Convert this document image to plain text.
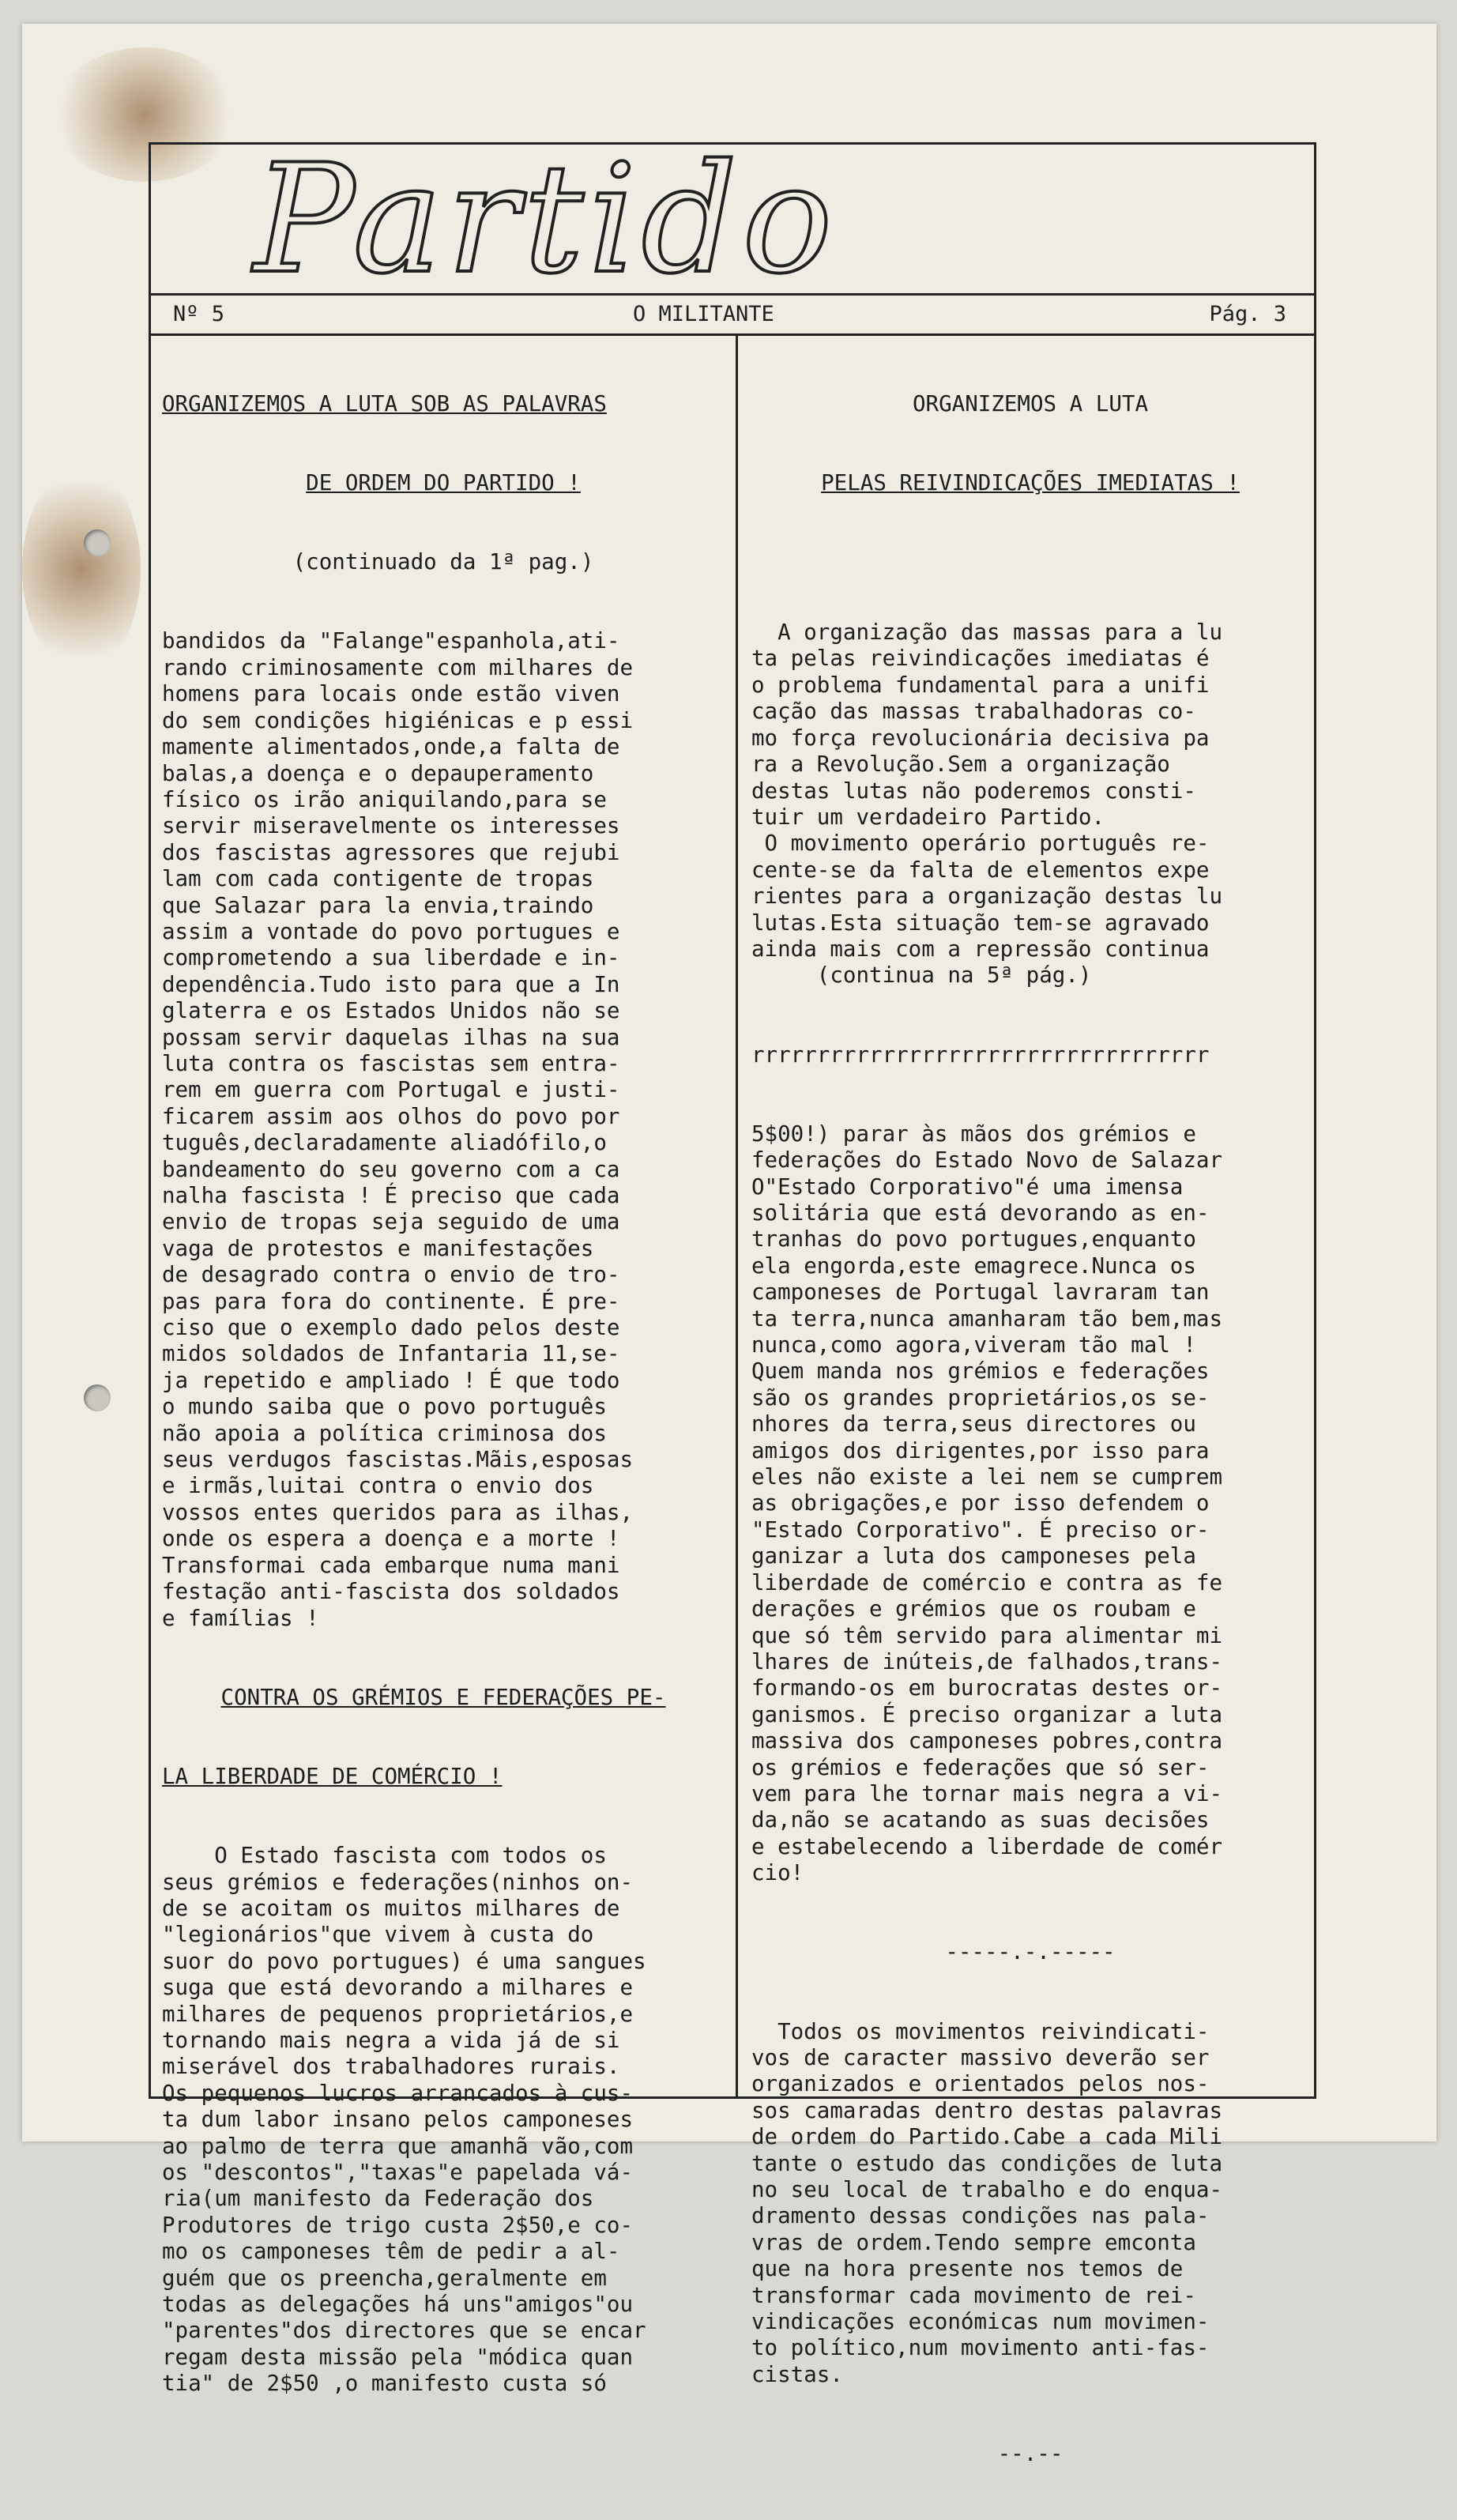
Partido
Nº 5	O MILITANTE	Pág. 3

ORGANIZEMOS A LUTA SOB AS PALAVRAS

DE ORDEM DO PARTIDO !

(continuado da 1ª pag.)

bandidos da "Falange"espanhola,ati-
rando criminosamente com milhares de
homens para locais onde estão viven
do sem condições higiénicas e p essi
mamente alimentados,onde,a falta de
balas,a doença e o depauperamento
físico os irão aniquilando,para se
servir miseravelmente os interesses
dos fascistas agressores que rejubi
lam com cada contigente de tropas
que Salazar para la envia,traindo
assim a vontade do povo portugues e
comprometendo a sua liberdade e in-
dependência.Tudo isto para que a In
glaterra e os Estados Unidos não se
possam servir daquelas ilhas na sua
luta contra os fascistas sem entra-
rem em guerra com Portugal e justi-
ficarem assim aos olhos do povo por
tuguês,declaradamente aliadófilo,o
bandeamento do seu governo com a ca
nalha fascista ! É preciso que cada
envio de tropas seja seguido de uma
vaga de protestos e manifestações
de desagrado contra o envio de tro-
pas para fora do continente. É pre-
ciso que o exemplo dado pelos deste
midos soldados de Infantaria 11,se-
ja repetido e ampliado ! É que todo
o mundo saiba que o povo português
não apoia a política criminosa dos
seus verdugos fascistas.Mãis,esposas
e irmãs,luitai contra o envio dos
vossos entes queridos para as ilhas,
onde os espera a doença e a morte !
Transformai cada embarque numa mani
festação anti-fascista dos soldados
e famílias !

CONTRA OS GRÉMIOS E FEDERAÇÕES PE-

LA LIBERDADE DE COMÉRCIO !

O Estado fascista com todos os
seus grémios e federações(ninhos on-
de se acoitam os muitos milhares de
"legionários"que vivem à custa do
suor do povo portugues) é uma sangues
suga que está devorando a milhares e
milhares de pequenos proprietários,e
tornando mais negra a vida já de si
miserável dos trabalhadores rurais.
Os pequenos lucros arrancados à cus-
ta dum labor insano pelos camponeses
ao palmo de terra que amanhã vão,com
os "descontos","taxas"e papelada vá-
ria(um manifesto da Federação dos
Produtores de trigo custa 2$50,e co-
mo os camponeses têm de pedir a al-
guém que os preencha,geralmente em
todas as delegações há uns"amigos"ou
"parentes"dos directores que se encar
regam desta missão pela "módica quan
tia" de 2$50 ,o manifesto custa só

ORGANIZEMOS A LUTA

PELAS REIVINDICAÇÕES IMEDIATAS !

A organização das massas para a lu
ta pelas reivindicações imediatas é
o problema fundamental para a unifi
cação das massas trabalhadoras co-
mo força revolucionária decisiva pa
ra a Revolução.Sem a organização
destas lutas não poderemos consti-
tuir um verdadeiro Partido.
O movimento operário português re-
cente-se da falta de elementos expe
rientes para a organização destas lu
lutas.Esta situação tem-se agravado
ainda mais com a repressão continua
(continua na 5ª pág.)

rrrrrrrrrrrrrrrrrrrrrrrrrrrrrrrrrrr

5$00!) parar às mãos dos grémios e
federações do Estado Novo de Salazar
O"Estado Corporativo"é uma imensa
solitária que está devorando as en-
tranhas do povo portugues,enquanto
ela engorda,este emagrece.Nunca os
camponeses de Portugal lavraram tan
ta terra,nunca amanharam tão bem,mas
nunca,como agora,viveram tão mal !
Quem manda nos grémios e federações
são os grandes proprietários,os se-
nhores da terra,seus directores ou
amigos dos dirigentes,por isso para
eles não existe a lei nem se cumprem
as obrigações,e por isso defendem o
"Estado Corporativo". É preciso or-
ganizar a luta dos camponeses pela
liberdade de comércio e contra as fe
derações e grémios que os roubam e
que só têm servido para alimentar mi
lhares de inúteis,de falhados,trans-
formando-os em burocratas destes or-
ganismos. É preciso organizar a luta
massiva dos camponeses pobres,contra
os grémios e federações que só ser-
vem para lhe tornar mais negra a vi-
da,não se acatando as suas decisões
e estabelecendo a liberdade de comér
cio!

-----.-.-----

Todos os movimentos reivindicati-
vos de caracter massivo deverão ser
organizados e orientados pelos nos-
sos camaradas dentro destas palavras
de ordem do Partido.Cabe a cada Mili
tante o estudo das condições de luta
no seu local de trabalho e do enqua-
dramento dessas condições nas pala-
vras de ordem.Tendo sempre emconta
que na hora presente nos temos de
transformar cada movimento de rei-
vindicações económicas num movimen-
to político,num movimento anti-fas-
cistas.

--.--
